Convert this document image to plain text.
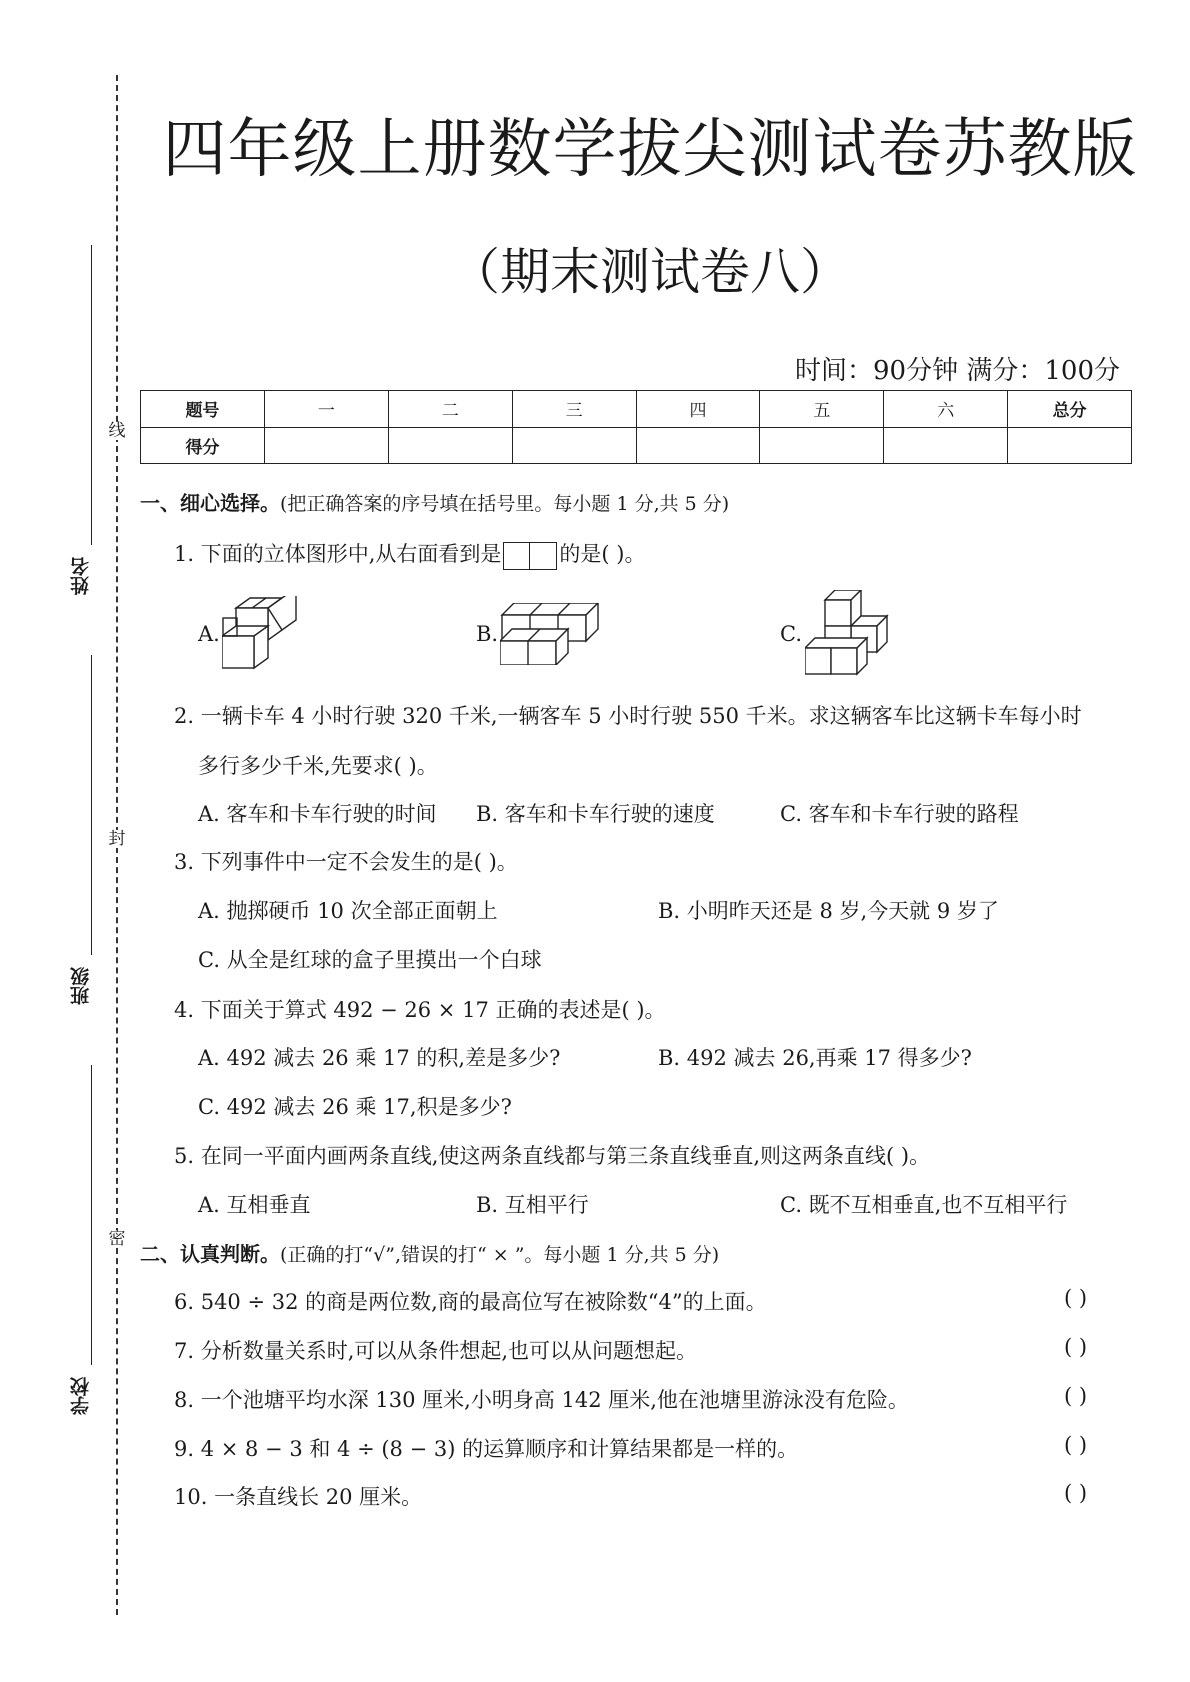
线
封
密
姓名
班级
学校
四年级上册数学拔尖测试卷苏教版
（期末测试卷八）
时间：90分钟 满分：100分
题号	一	二	三	四	五	六	总分
得分							
一、细心选择。(把正确答案的序号填在括号里。每小题 1 分,共 5 分)
1. 下面的立体图形中,从右面看到是	的是( )。
A.	B.	C.
2. 一辆卡车 4 小时行驶 320 千米,一辆客车 5 小时行驶 550 千米。求这辆客车比这辆卡车每小时
多行多少千米,先要求( )。
A. 客车和卡车行驶的时间 B. 客车和卡车行驶的速度	C. 客车和卡车行驶的路程
3. 下列事件中一定不会发生的是( )。
A. 抛掷硬币 10 次全部正面朝上	B. 小明昨天还是 8 岁,今天就 9 岁了
C. 从全是红球的盒子里摸出一个白球
4. 下面关于算式 492 − 26 × 17 正确的表述是( )。
A. 492 减去 26 乘 17 的积,差是多少?	B. 492 减去 26,再乘 17 得多少?
C. 492 减去 26 乘 17,积是多少?
5. 在同一平面内画两条直线,使这两条直线都与第三条直线垂直,则这两条直线( )。
A. 互相垂直	B. 互相平行	C. 既不互相垂直,也不互相平行
二、认真判断。(正确的打“√”,错误的打“ × ”。每小题 1 分,共 5 分)
6. 540 ÷ 32 的商是两位数,商的最高位写在被除数“4”的上面。	( )
7. 分析数量关系时,可以从条件想起,也可以从问题想起。	( )
8. 一个池塘平均水深 130 厘米,小明身高 142 厘米,他在池塘里游泳没有危险。	( )
9. 4 × 8 − 3 和 4 ÷ (8 − 3) 的运算顺序和计算结果都是一样的。	( )
10. 一条直线长 20 厘米。	( )
